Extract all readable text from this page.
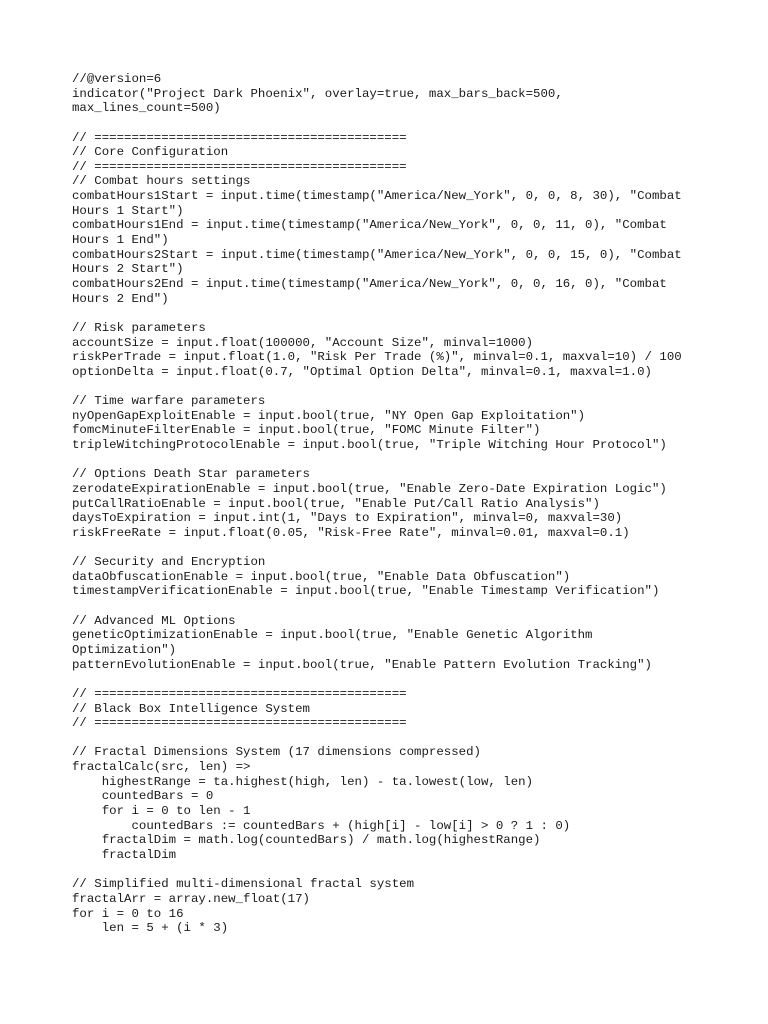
//@version=6
indicator("Project Dark Phoenix", overlay=true, max_bars_back=500,
max_lines_count=500)
// ==========================================
// Core Configuration
// ==========================================
// Combat hours settings
combatHours1Start = input.time(timestamp("America/New_York", 0, 0, 8, 30), "Combat
Hours 1 Start")
combatHours1End = input.time(timestamp("America/New_York", 0, 0, 11, 0), "Combat
Hours 1 End")
combatHours2Start = input.time(timestamp("America/New_York", 0, 0, 15, 0), "Combat
Hours 2 Start")
combatHours2End = input.time(timestamp("America/New_York", 0, 0, 16, 0), "Combat
Hours 2 End")
// Risk parameters
accountSize = input.float(100000, "Account Size", minval=1000)
riskPerTrade = input.float(1.0, "Risk Per Trade (%)", minval=0.1, maxval=10) / 100
optionDelta = input.float(0.7, "Optimal Option Delta", minval=0.1, maxval=1.0)
// Time warfare parameters
nyOpenGapExploitEnable = input.bool(true, "NY Open Gap Exploitation")
fomcMinuteFilterEnable = input.bool(true, "FOMC Minute Filter")
tripleWitchingProtocolEnable = input.bool(true, "Triple Witching Hour Protocol")
// Options Death Star parameters
zerodateExpirationEnable = input.bool(true, "Enable Zero-Date Expiration Logic")
putCallRatioEnable = input.bool(true, "Enable Put/Call Ratio Analysis")
daysToExpiration = input.int(1, "Days to Expiration", minval=0, maxval=30)
riskFreeRate = input.float(0.05, "Risk-Free Rate", minval=0.01, maxval=0.1)
// Security and Encryption
dataObfuscationEnable = input.bool(true, "Enable Data Obfuscation")
timestampVerificationEnable = input.bool(true, "Enable Timestamp Verification")
// Advanced ML Options
geneticOptimizationEnable = input.bool(true, "Enable Genetic Algorithm
Optimization")
patternEvolutionEnable = input.bool(true, "Enable Pattern Evolution Tracking")
// ==========================================
// Black Box Intelligence System
// ==========================================
// Fractal Dimensions System (17 dimensions compressed)
fractalCalc(src, len) =>
highestRange = ta.highest(high, len) - ta.lowest(low, len)
countedBars = 0
for i = 0 to len - 1
countedBars := countedBars + (high[i] - low[i] > 0 ? 1 : 0)
fractalDim = math.log(countedBars) / math.log(highestRange)
fractalDim
// Simplified multi-dimensional fractal system
fractalArr = array.new_float(17)
for i = 0 to 16
len = 5 + (i * 3)
